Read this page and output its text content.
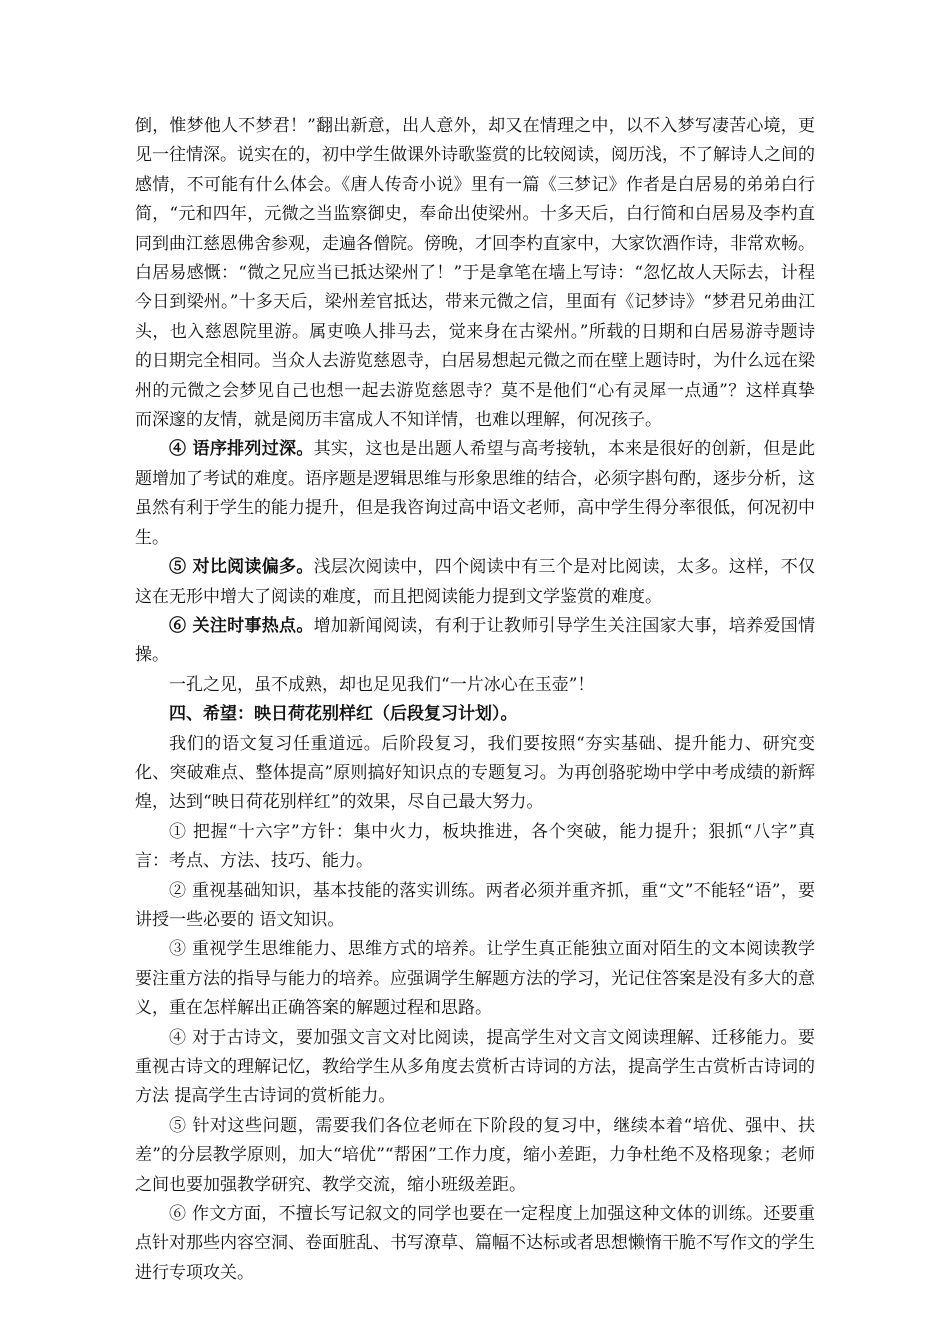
倒，惟梦他人不梦君！”翻出新意，出人意外，却又在情理之中，以不入梦写凄苦心境，更见一往情深。说实在的，初中学生做课外诗歌鉴赏的比较阅读，阅历浅，不了解诗人之间的感情，不可能有什么体会。《唐人传奇小说》里有一篇《三梦记》作者是白居易的弟弟白行简，“元和四年，元微之当监察御史，奉命出使梁州。十多天后，白行简和白居易及李杓直同到曲江慈恩佛舍参观，走遍各僧院。傍晚，才回李杓直家中，大家饮酒作诗，非常欢畅。白居易感慨：“微之兄应当已抵达梁州了！”于是拿笔在墙上写诗：“忽忆故人天际去，计程今日到梁州。”十多天后，梁州差官抵达，带来元微之信，里面有《记梦诗》“梦君兄弟曲江头，也入慈恩院里游。属吏唤人排马去，觉来身在古梁州。”所载的日期和白居易游寺题诗的日期完全相同。当众人去游览慈恩寺，白居易想起元微之而在壁上题诗时，为什么远在梁州的元微之会梦见自己也想一起去游览慈恩寺？莫不是他们“心有灵犀一点通”？这样真挚而深邃的友情，就是阅历丰富成人不知详情，也难以理解，何况孩子。

④ 语序排列过深。其实，这也是出题人希望与高考接轨，本来是很好的创新，但是此题增加了考试的难度。语序题是逻辑思维与形象思维的结合，必须字斟句酌，逐步分析，这虽然有利于学生的能力提升，但是我咨询过高中语文老师，高中学生得分率很低，何况初中生。

⑤ 对比阅读偏多。浅层次阅读中，四个阅读中有三个是对比阅读，太多。这样，不仅这在无形中增大了阅读的难度，而且把阅读能力提到文学鉴赏的难度。

⑥ 关注时事热点。增加新闻阅读，有利于让教师引导学生关注国家大事，培养爱国情操。

一孔之见，虽不成熟，却也足见我们“一片冰心在玉壶”！

四、希望：映日荷花别样红（后段复习计划）。

我们的语文复习任重道远。后阶段复习，我们要按照“夯实基础、提升能力、研究变化、突破难点、整体提高”原则搞好知识点的专题复习。为再创骆驼坳中学中考成绩的新辉煌，达到“映日荷花别样红”的效果，尽自己最大努力。

① 把握“十六字”方针：集中火力，板块推进，各个突破，能力提升；狠抓“八字”真言：考点、方法、技巧、能力。

② 重视基础知识，基本技能的落实训练。两者必须并重齐抓，重“文”不能轻“语”，要讲授一些必要的 语文知识。

③ 重视学生思维能力、思维方式的培养。让学生真正能独立面对陌生的文本阅读教学要注重方法的指导与能力的培养。应强调学生解题方法的学习，光记住答案是没有多大的意义，重在怎样解出正确答案的解题过程和思路。

④ 对于古诗文，要加强文言文对比阅读，提高学生对文言文阅读理解、迁移能力。要重视古诗文的理解记忆，教给学生从多角度去赏析古诗词的方法，提高学生古赏析古诗词的方法 提高学生古诗词的赏析能力。

⑤ 针对这些问题，需要我们各位老师在下阶段的复习中，继续本着“培优、强中、扶差”的分层教学原则，加大“培优”“帮困”工作力度，缩小差距，力争杜绝不及格现象；老师之间也要加强教学研究、教学交流，缩小班级差距。

⑥ 作文方面，不擅长写记叙文的同学也要在一定程度上加强这种文体的训练。还要重点针对那些内容空洞、卷面脏乱、书写潦草、篇幅不达标或者思想懒惰干脆不写作文的学生进行专项攻关。
